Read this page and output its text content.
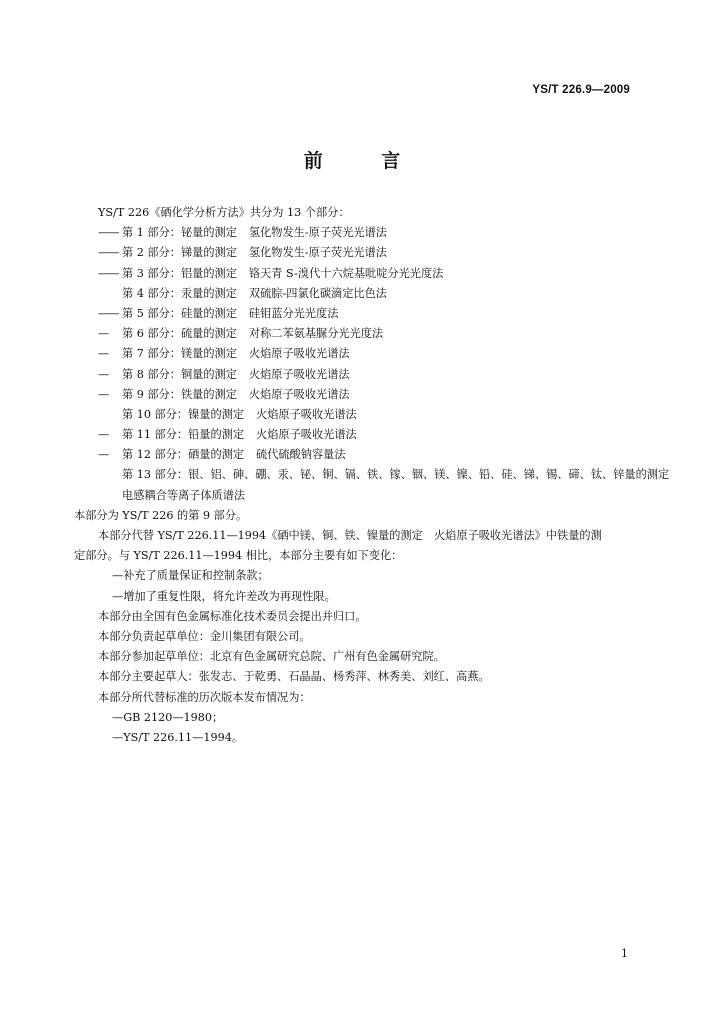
YS/T 226.9—2009
前 言
YS/T 226《硒化学分析方法》共分为 13 个部分：
—— 第 1 部分：铋量的测定 氢化物发生-原子荧光光谱法
—— 第 2 部分：锑量的测定 氢化物发生-原子荧光光谱法
—— 第 3 部分：铝量的测定 铬天青 S-溴代十六烷基吡啶分光光度法
第 4 部分：汞量的测定 双硫腙-四氯化碳滴定比色法
—— 第 5 部分：硅量的测定 硅钼蓝分光光度法
— 第 6 部分：硫量的测定 对称二苯氨基脲分光光度法
— 第 7 部分：镁量的测定 火焰原子吸收光谱法
— 第 8 部分：铜量的测定 火焰原子吸收光谱法
— 第 9 部分：铁量的测定 火焰原子吸收光谱法
第 10 部分：镍量的测定 火焰原子吸收光谱法
— 第 11 部分：铅量的测定 火焰原子吸收光谱法
— 第 12 部分：硒量的测定 硫代硫酸钠容量法
第 13 部分：银、铝、砷、硼、汞、铋、铜、镉、铁、镓、铟、镁、镍、铅、硅、锑、锡、碲、钛、锌量的测定
电感耦合等离子体质谱法
本部分为 YS/T 226 的第 9 部分。
本部分代替 YS/T 226.11—1994《硒中镁、铜、铁、镍量的测定　火焰原子吸收光谱法》中铁量的测
定部分。与 YS/T 226.11—1994 相比，本部分主要有如下变化：
—补充了质量保证和控制条款；
—增加了重复性限，将允许差改为再现性限。
本部分由全国有色金属标准化技术委员会提出并归口。
本部分负责起草单位：金川集团有限公司。
本部分参加起草单位：北京有色金属研究总院、广州有色金属研究院。
本部分主要起草人：张发志、于乾勇、石晶晶、杨秀萍、林秀美、刘红、高燕。
本部分所代替标准的历次版本发布情况为：
—GB 2120—1980；
—YS/T 226.11—1994。
1
